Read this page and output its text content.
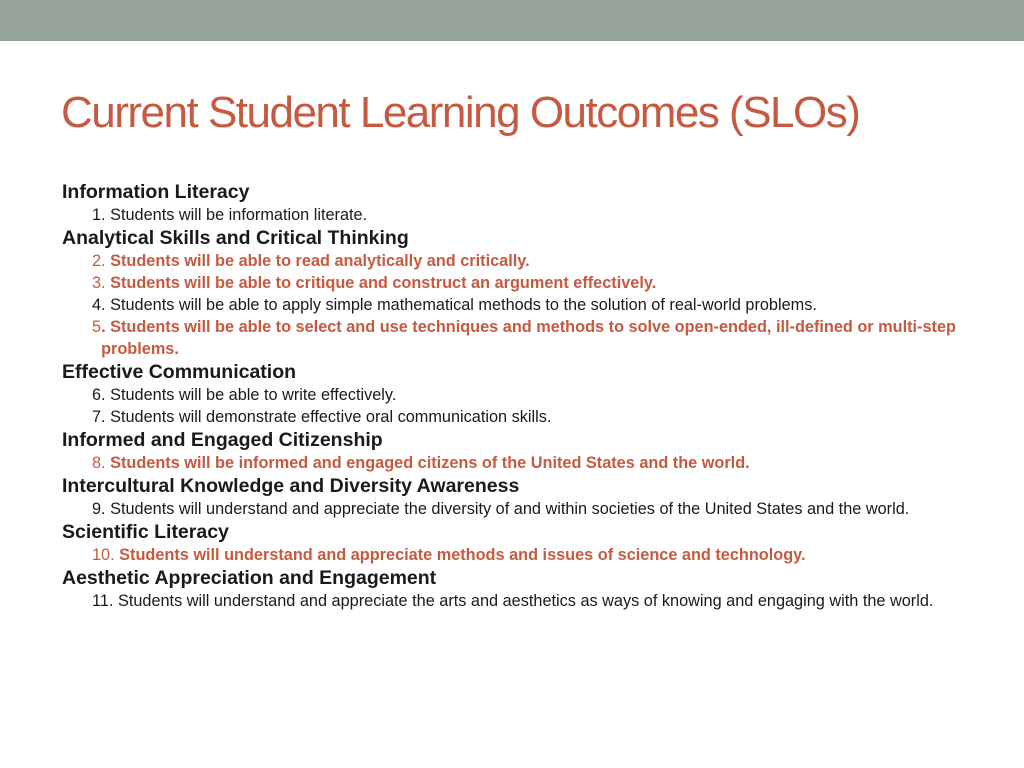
Current Student Learning Outcomes (SLOs)
Information Literacy
1. Students will be information literate.
Analytical Skills and Critical Thinking
2. Students will be able to read analytically and critically.
3. Students will be able to critique and construct an argument effectively.
4. Students will be able to apply simple mathematical methods to the solution of real-world problems.
5 . Students will be able to select and use techniques and methods to solve open-ended, ill-defined or multi-step problems.
Effective Communication
6. Students will be able to write effectively.
7. Students will demonstrate effective oral communication skills.
Informed and Engaged Citizenship
8. Students will be informed and engaged citizens of the United States and the world.
Intercultural Knowledge and Diversity Awareness
9. Students will understand and appreciate the diversity of and within societies of the United States and the world.
Scientific Literacy
10. Students will understand and appreciate methods and issues of science and technology.
Aesthetic Appreciation and Engagement
11. Students will understand and appreciate the arts and aesthetics as ways of knowing and engaging with the world.
